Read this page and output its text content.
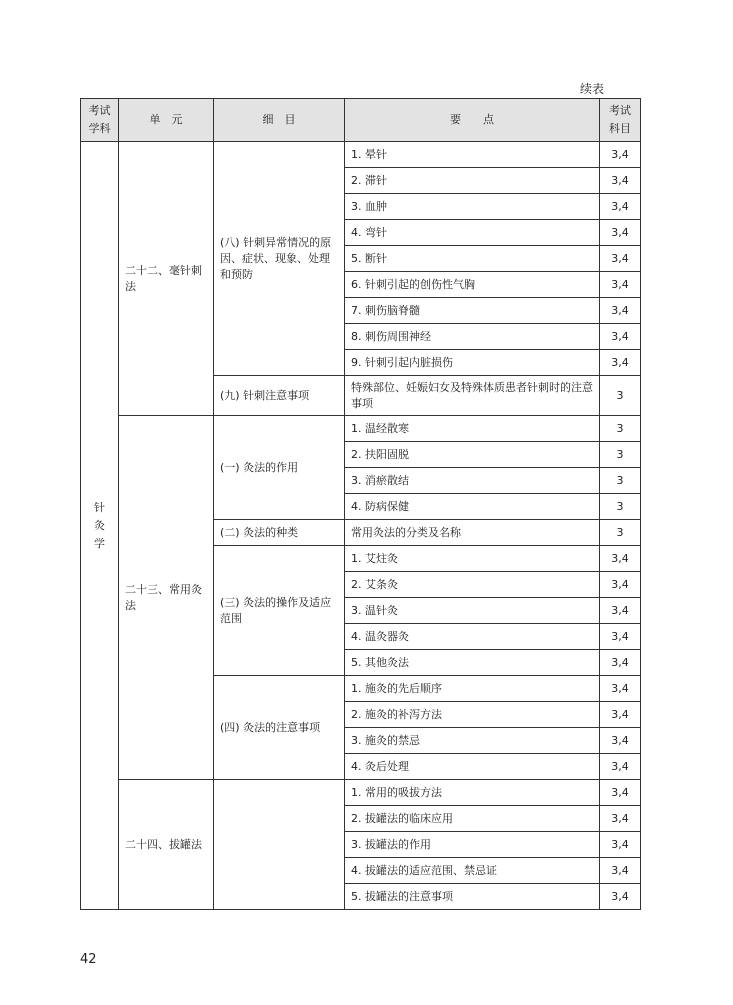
续表
考试学科	单　元	细　目	要　　点	考试科目
针灸学	二十二、毫针刺法	(八) 针刺异常情况的原因、症状、现象、处理和预防	1. 晕针	3,4
			2. 滞针	3,4
			3. 血肿	3,4
			4. 弯针	3,4
			5. 断针	3,4
			6. 针刺引起的创伤性气胸	3,4
			7. 刺伤脑脊髓	3,4
			8. 刺伤周围神经	3,4
			9. 针刺引起内脏损伤	3,4
		(九) 针刺注意事项	特殊部位、妊娠妇女及特殊体质患者针刺时的注意事项	3
	二十三、常用灸法	(一) 灸法的作用	1. 温经散寒	3
			2. 扶阳固脱	3
			3. 消瘀散结	3
			4. 防病保健	3
		(二) 灸法的种类	常用灸法的分类及名称	3
		(三) 灸法的操作及适应范围	1. 艾炷灸	3,4
			2. 艾条灸	3,4
			3. 温针灸	3,4
			4. 温灸器灸	3,4
			5. 其他灸法	3,4
		(四) 灸法的注意事项	1. 施灸的先后顺序	3,4
			2. 施灸的补泻方法	3,4
			3. 施灸的禁忌	3,4
			4. 灸后处理	3,4
	二十四、拔罐法		1. 常用的吸拔方法	3,4
			2. 拔罐法的临床应用	3,4
			3. 拔罐法的作用	3,4
			4. 拔罐法的适应范围、禁忌证	3,4
			5. 拔罐法的注意事项	3,4
42
